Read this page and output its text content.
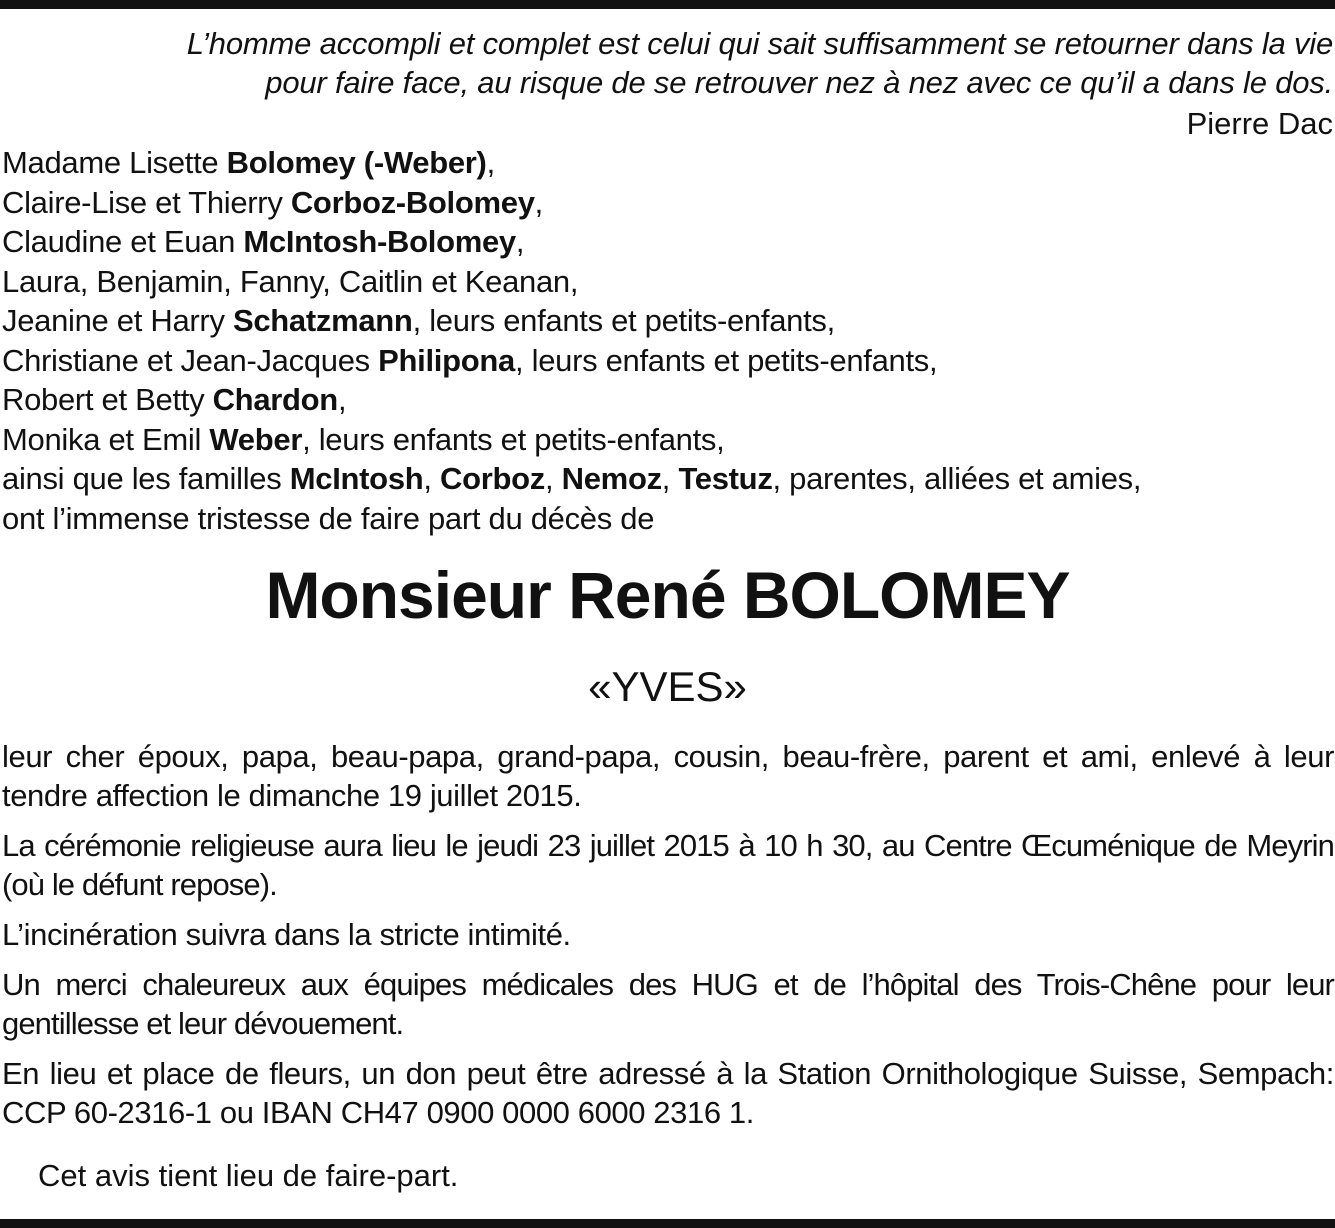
L’homme accompli et complet est celui qui sait suffisamment se retourner dans la vie
pour faire face, au risque de se retrouver nez à nez avec ce qu’il a dans le dos.
Pierre Dac
Madame Lisette Bolomey (-Weber),
Claire-Lise et Thierry Corboz-Bolomey,
Claudine et Euan McIntosh-Bolomey,
Laura, Benjamin, Fanny, Caitlin et Keanan,
Jeanine et Harry Schatzmann, leurs enfants et petits-enfants,
Christiane et Jean-Jacques Philipona, leurs enfants et petits-enfants,
Robert et Betty Chardon,
Monika et Emil Weber, leurs enfants et petits-enfants,
ainsi que les familles McIntosh, Corboz, Nemoz, Testuz, parentes, alliées et amies,
ont l’immense tristesse de faire part du décès de
Monsieur René BOLOMEY
«YVES»

leur cher époux, papa, beau-papa, grand-papa, cousin, beau-frère, parent et ami, enlevé à leur tendre affection le dimanche 19 juillet 2015.

La cérémonie religieuse aura lieu le jeudi 23 juillet 2015 à 10 h 30, au Centre Œcuménique de Meyrin (où le défunt repose).

L’incinération suivra dans la stricte intimité.

Un merci chaleureux aux équipes médicales des HUG et de l’hôpital des Trois-Chêne pour leur gentillesse et leur dévouement.

En lieu et place de fleurs, un don peut être adressé à la Station Ornithologique Suisse, Sempach: CCP 60-2316-1 ou IBAN CH47 0900 0000 6000 2316 1.

Cet avis tient lieu de faire-part.
